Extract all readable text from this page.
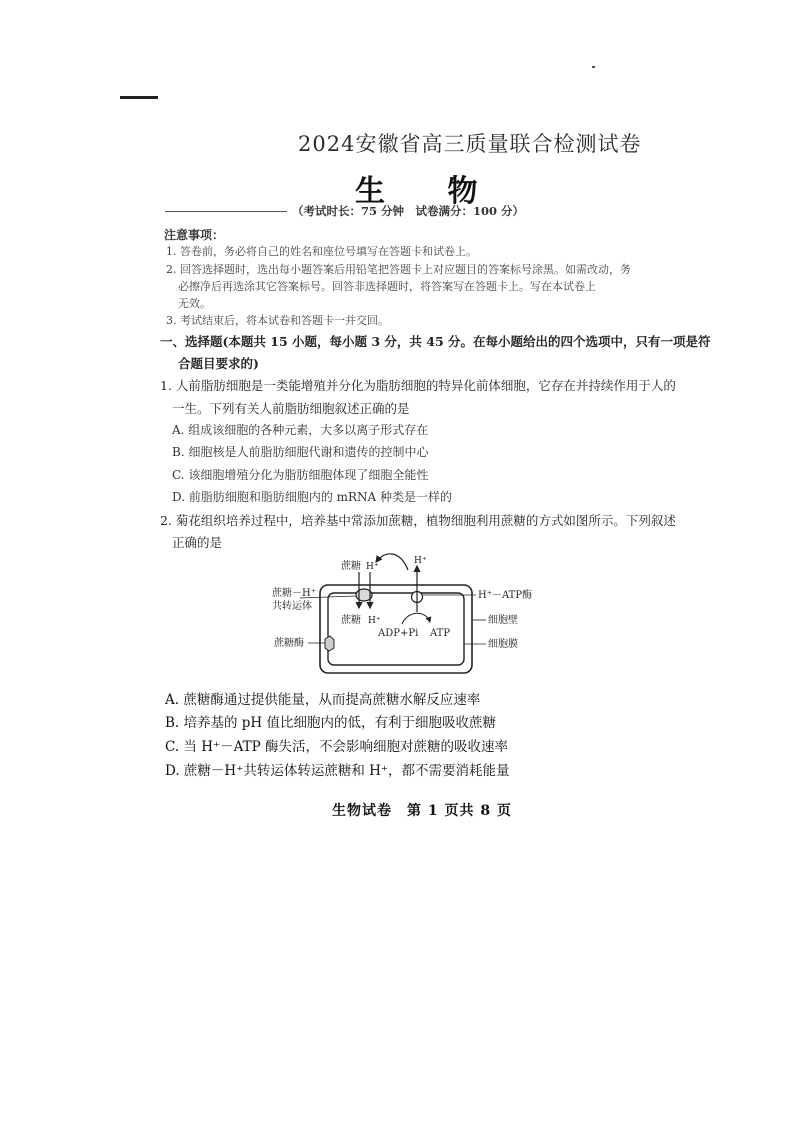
2024安徽省高三质量联合检测试卷
生 物
（考试时长：75 分钟　试卷满分：100 分）
注意事项：
1. 答卷前，务必将自己的姓名和座位号填写在答题卡和试卷上。
2. 回答选择题时，选出每小题答案后用铅笔把答题卡上对应题目的答案标号涂黑。如需改动，务
必擦净后再选涂其它答案标号。回答非选择题时，将答案写在答题卡上。写在本试卷上
无效。
3. 考试结束后，将本试卷和答题卡一并交回。
一、选择题(本题共 15 小题，每小题 3 分，共 45 分。在每小题给出的四个选项中，只有一项是符
合题目要求的)
1. 人前脂肪细胞是一类能增殖并分化为脂肪细胞的特异化前体细胞，它存在并持续作用于人的
一生。下列有关人前脂肪细胞叙述正确的是
A. 组成该细胞的各种元素，大多以离子形式存在
B. 细胞核是人前脂肪细胞代谢和遗传的控制中心
C. 该细胞增殖分化为脂肪细胞体现了细胞全能性
D. 前脂肪细胞和脂肪细胞内的 mRNA 种类是一样的
2. 菊花组织培养过程中，培养基中常添加蔗糖，植物细胞利用蔗糖的方式如图所示。下列叙述
正确的是
蔗糖 H⁺
H⁺
蔗糖－H⁺
共转运体
蔗糖酶
蔗糖 H⁺
ADP+Pi ATP
H⁺－ATP酶
细胞壁
细胞膜
A. 蔗糖酶通过提供能量，从而提高蔗糖水解反应速率
B. 培养基的 pH 值比细胞内的低，有利于细胞吸收蔗糖
C. 当 H⁺－ATP 酶失活，不会影响细胞对蔗糖的吸收速率
D. 蔗糖－H⁺共转运体转运蔗糖和 H⁺，都不需要消耗能量
生物试卷　第 1 页共 8 页
